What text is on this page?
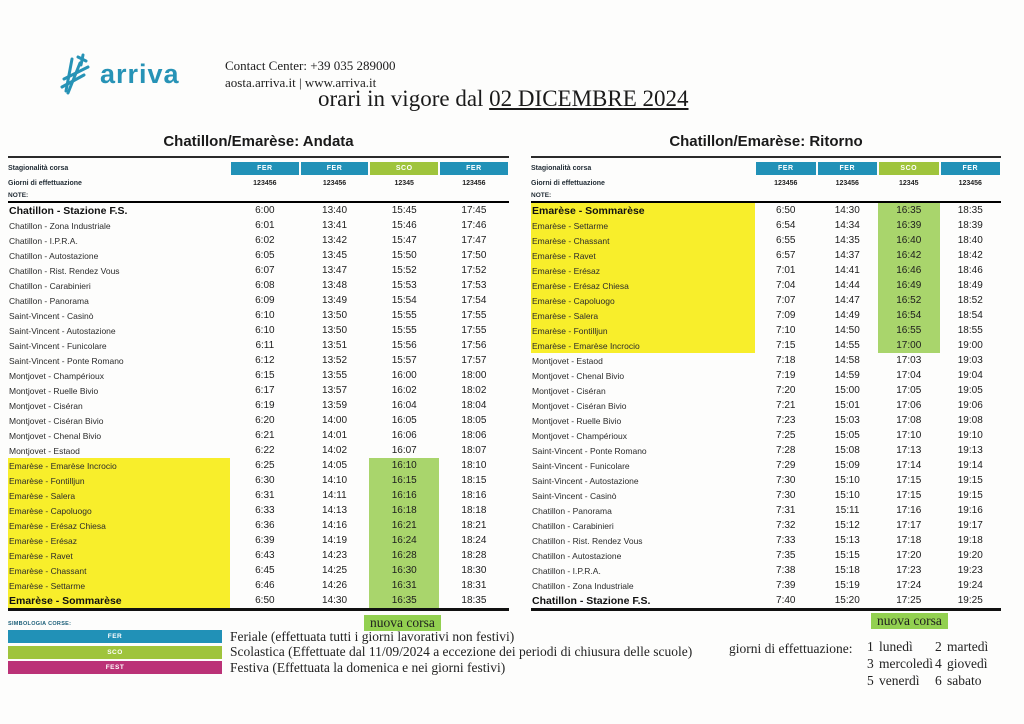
arriva	Contact Center: +39 035 289000
aosta.arriva.it | www.arriva.it
orari in vigore dal 02 DICEMBRE 2024
Chatillon/Emarèse: Andata
Stagionalità corsa	FER	FER	SCO	FER
Giorni di effettuazione	123456	123456	12345	123456
NOTE:
Chatillon - Stazione F.S.	6:00	13:40	15:45	17:45
Chatillon - Zona Industriale	6:01	13:41	15:46	17:46
Chatillon - I.P.R.A.	6:02	13:42	15:47	17:47
Chatillon - Autostazione	6:05	13:45	15:50	17:50
Chatillon - Rist. Rendez Vous	6:07	13:47	15:52	17:52
Chatillon - Carabinieri	6:08	13:48	15:53	17:53
Chatillon - Panorama	6:09	13:49	15:54	17:54
Saint-Vincent - Casinò	6:10	13:50	15:55	17:55
Saint-Vincent - Autostazione	6:10	13:50	15:55	17:55
Saint-Vincent - Funicolare	6:11	13:51	15:56	17:56
Saint-Vincent - Ponte Romano	6:12	13:52	15:57	17:57
Montjovet - Champérioux	6:15	13:55	16:00	18:00
Montjovet - Ruelle Bivio	6:17	13:57	16:02	18:02
Montjovet - Ciséran	6:19	13:59	16:04	18:04
Montjovet - Ciséran Bivio	6:20	14:00	16:05	18:05
Montjovet - Chenal Bivio	6:21	14:01	16:06	18:06
Montjovet - Estaod	6:22	14:02	16:07	18:07
Emarèse - Emarèse Incrocio	6:25	14:05	16:10	18:10
Emarèse - Fontilljun	6:30	14:10	16:15	18:15
Emarèse - Salera	6:31	14:11	16:16	18:16
Emarèse - Capoluogo	6:33	14:13	16:18	18:18
Emarèse - Erésaz Chiesa	6:36	14:16	16:21	18:21
Emarèse - Erésaz	6:39	14:19	16:24	18:24
Emarèse - Ravet	6:43	14:23	16:28	18:28
Emarèse - Chassant	6:45	14:25	16:30	18:30
Emarèse - Settarme	6:46	14:26	16:31	18:31
Emarèse - Sommarèse	6:50	14:30	16:35	18:35
Chatillon/Emarèse: Ritorno
Stagionalità corsa	FER	FER	SCO	FER
Giorni di effettuazione	123456	123456	12345	123456
NOTE:
Emarèse - Sommarèse	6:50	14:30	16:35	18:35
Emarèse - Settarme	6:54	14:34	16:39	18:39
Emarèse - Chassant	6:55	14:35	16:40	18:40
Emarèse - Ravet	6:57	14:37	16:42	18:42
Emarèse - Erésaz	7:01	14:41	16:46	18:46
Emarèse - Erésaz Chiesa	7:04	14:44	16:49	18:49
Emarèse - Capoluogo	7:07	14:47	16:52	18:52
Emarèse - Salera	7:09	14:49	16:54	18:54
Emarèse - Fontilljun	7:10	14:50	16:55	18:55
Emarèse - Emarèse Incrocio	7:15	14:55	17:00	19:00
Montjovet - Estaod	7:18	14:58	17:03	19:03
Montjovet - Chenal Bivio	7:19	14:59	17:04	19:04
Montjovet - Ciséran	7:20	15:00	17:05	19:05
Montjovet - Ciséran Bivio	7:21	15:01	17:06	19:06
Montjovet - Ruelle Bivio	7:23	15:03	17:08	19:08
Montjovet - Champérioux	7:25	15:05	17:10	19:10
Saint-Vincent - Ponte Romano	7:28	15:08	17:13	19:13
Saint-Vincent - Funicolare	7:29	15:09	17:14	19:14
Saint-Vincent - Autostazione	7:30	15:10	17:15	19:15
Saint-Vincent - Casinò	7:30	15:10	17:15	19:15
Chatillon - Panorama	7:31	15:11	17:16	19:16
Chatillon - Carabinieri	7:32	15:12	17:17	19:17
Chatillon - Rist. Rendez Vous	7:33	15:13	17:18	19:18
Chatillon - Autostazione	7:35	15:15	17:20	19:20
Chatillon - I.P.R.A.	7:38	15:18	17:23	19:23
Chatillon - Zona Industriale	7:39	15:19	17:24	19:24
Chatillon - Stazione F.S.	7:40	15:20	17:25	19:25
SIMBOLOGIA CORSE:	nuova corsa
FER	Feriale (effettuata tutti i giorni lavorativi non festivi)
SCO	Scolastica (Effettuate dal 11/09/2024 a eccezione dei periodi di chiusura delle scuole)
FEST	Festiva (Effettuata la domenica e nei giorni festivi)
nuova corsa
giorni di effettuazione: 1 lunedì	2 martedì
3 mercoledì 4 giovedì
5 venerdì	6 sabato
